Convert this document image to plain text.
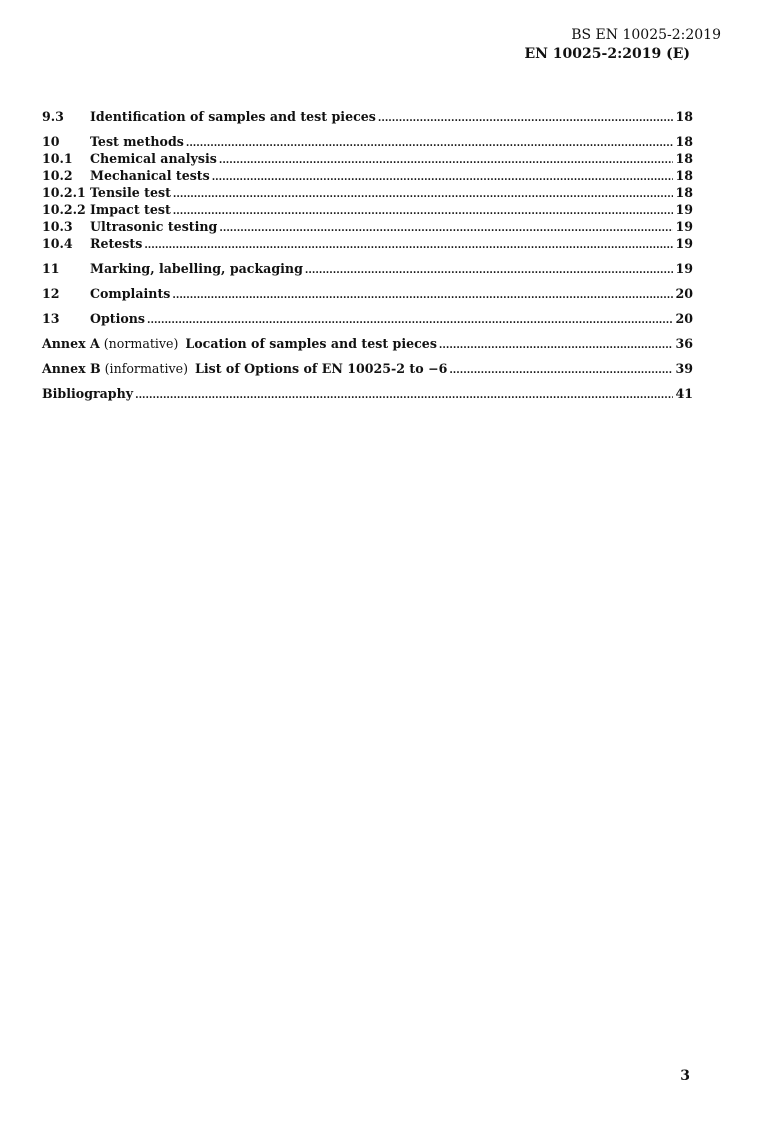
BS EN 10025-2:2019
EN 10025-2:2019 (E)
9.3	Identification of samples and test pieces .....	18
10	Test methods .....	18
10.1	Chemical analysis .....	18
10.2	Mechanical tests .....	18
10.2.1 Tensile test .....	18
10.2.2 Impact test .....	19
10.3	Ultrasonic testing .....	19
10.4	Retests .....	19
11	Marking, labelling, packaging .....	19
12	Complaints .....	20
13	Options .....	20
Annex A (normative) Location of samples and test pieces .....	36
Annex B (informative) List of Options of EN 10025-2 to −6 .....	39
Bibliography .....	41
3
